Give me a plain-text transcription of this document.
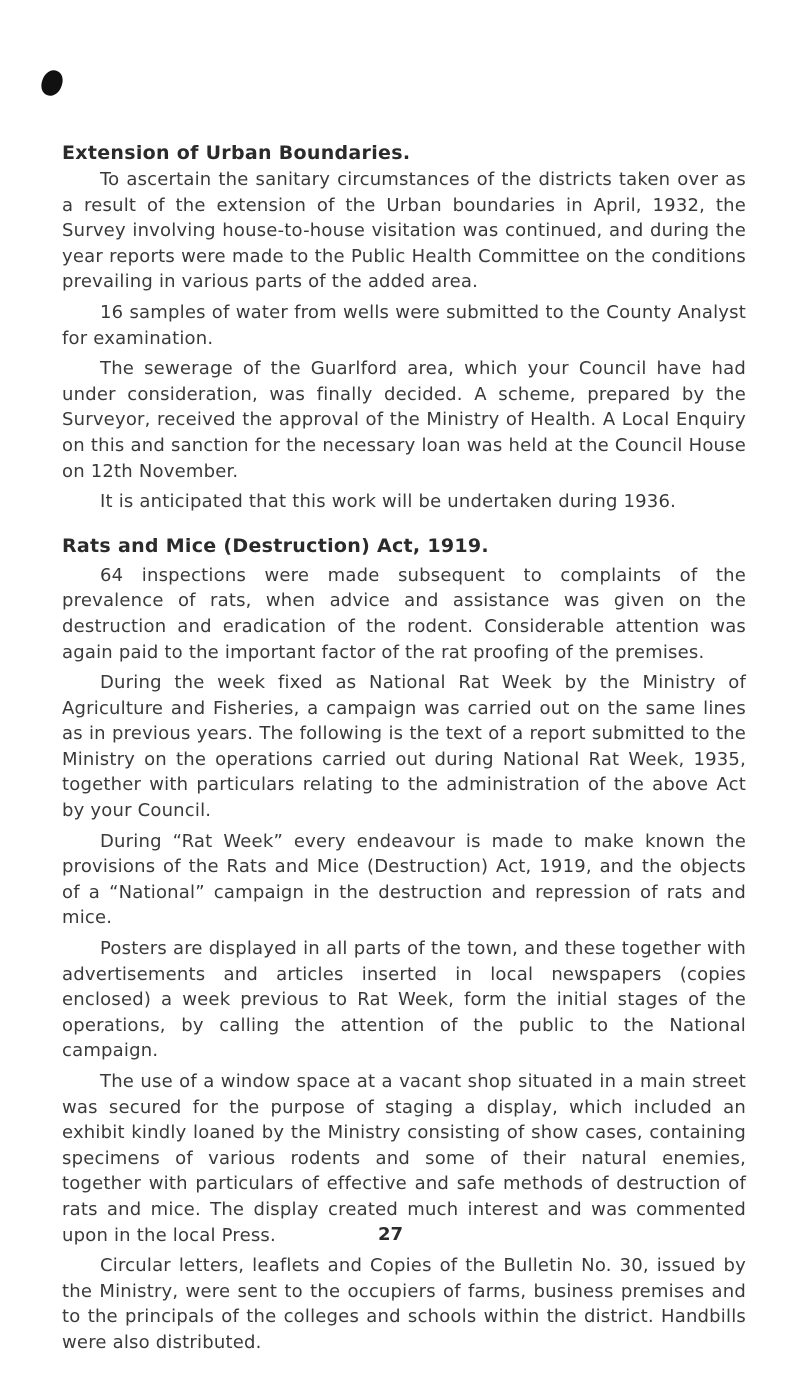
Extension of Urban Boundaries.

To ascertain the sanitary circumstances of the districts taken over as a result of the extension of the Urban boundaries in April, 1932, the Survey involving house-to-house visitation was continued, and during the year reports were made to the Public Health Committee on the conditions prevailing in various parts of the added area.

16 samples of water from wells were submitted to the County Analyst for examination.

The sewerage of the Guarlford area, which your Council have had under consideration, was finally decided. A scheme, prepared by the Surveyor, received the approval of the Ministry of Health. A Local Enquiry on this and sanction for the necessary loan was held at the Council House on 12th November.

It is anticipated that this work will be undertaken during 1936.

Rats and Mice (Destruction) Act, 1919.

64 inspections were made subsequent to complaints of the prevalence of rats, when advice and assistance was given on the destruction and eradication of the rodent. Considerable attention was again paid to the important factor of the rat proofing of the premises.

During the week fixed as National Rat Week by the Ministry of Agriculture and Fisheries, a campaign was carried out on the same lines as in previous years. The following is the text of a report submitted to the Ministry on the operations carried out during National Rat Week, 1935, together with particulars relating to the administration of the above Act by your Council.

During “Rat Week” every endeavour is made to make known the provisions of the Rats and Mice (Destruction) Act, 1919, and the objects of a “National” campaign in the destruction and repression of rats and mice.

Posters are displayed in all parts of the town, and these together with advertisements and articles inserted in local newspapers (copies enclosed) a week previous to Rat Week, form the initial stages of the operations, by calling the attention of the public to the National campaign.

The use of a window space at a vacant shop situated in a main street was secured for the purpose of staging a display, which included an exhibit kindly loaned by the Ministry consisting of show cases, containing specimens of various rodents and some of their natural enemies, together with particulars of effective and safe methods of destruction of rats and mice. The display created much interest and was commented upon in the local Press.

Circular letters, leaflets and Copies of the Bulletin No. 30, issued by the Ministry, were sent to the occupiers of farms, business premises and to the principals of the colleges and schools within the district. Handbills were also distributed.

27
